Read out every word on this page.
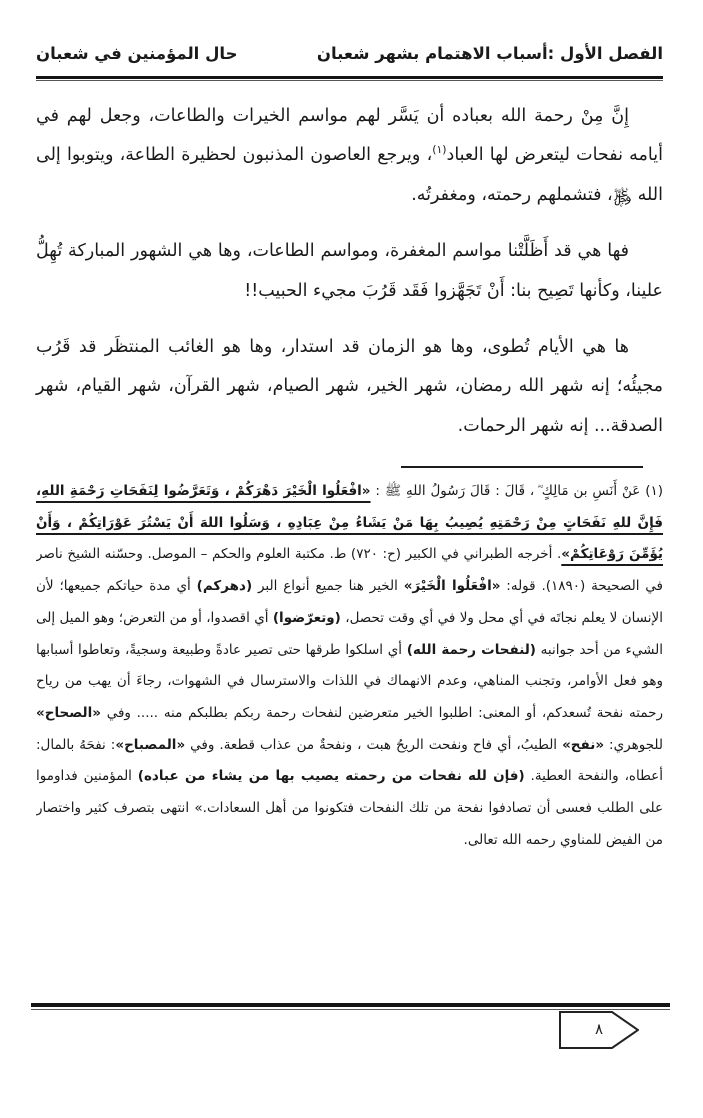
الفصل الأول :أسباب الاهتمام بشهر شعبان
حال المؤمنين في شعبان

إِنَّ مِنْ رحمة الله بعباده أن يَسَّر لهم مواسم الخيرات والطاعات، وجعل لهم في أيامه نفحات ليتعرض لها العباد$^{(١)}$، ويرجع العاصون المذنبون لحظيرة الطاعة، ويتوبوا إلى الله ﷿، فتشملهم رحمته، ومغفرتُه.

فها هي قد أَظَلَّتْنا مواسم المغفرة، ومواسم الطاعات، وها هي الشهور المباركة تُهِلُّ علينا، وكأنها تَصِيح بنا: أَنْ تَجَهَّزوا فَقَد قَرُبَ مجيء الحبيب!!

ها هي الأيام تُطوى، وها هو الزمان قد استدار، وها هو الغائب المنتظَر قد قَرُب مجيئُه؛ إنه شهر الله رمضان، شهر الخير، شهر الصيام، شهر القرآن، شهر القيام، شهر الصدقة... إنه شهر الرحمات.

(١) عَنْ أَنَسِ بن مَالِكٍ ؓ ، قَالَ : قَالَ رَسُولُ اللهِ ﷺ : «افْعَلُوا الْخَيْرَ دَهْرَكُمْ ، وَتَعَرَّضُوا لِنَفَحَاتِ رَحْمَةِ اللهِ، فَإِنَّ للهِ نَفَحَاتٍ مِنْ رَحْمَتِهِ يُصِيبُ بِهَا مَنْ يَشَاءُ مِنْ عِبَادِهِ ، وَسَلُوا اللهَ أَنْ يَسْتُرَ عَوْرَاتِكُمْ ، وَأَنْ يُؤَمِّنَ رَوْعَاتِكُمْ». أخرجه الطبراني في الكبير (ح: ٧٢٠) ط. مكتبة العلوم والحكم – الموصل. وحسّنه الشيخ ناصر في الصحيحة (١٨٩٠). قوله: «افْعَلُوا الْخَيْرَ» الخير هنا جميع أنواع البر (دهركم) أي مدة حياتكم جميعها؛ لأن الإنسان لا يعلم نجاتَه في أي محل ولا في أي وقت تحصل، (وتعرّضوا) أي اقصدوا، أو من التعرض؛ وهو الميل إلى الشيء من أحد جوانبه (لنفحات رحمة الله) أي اسلكوا طرقها حتى تصير عادةً وطبيعة وسجيةً، وتعاطوا أسبابها وهو فعل الأوامر، وتجنب المناهي، وعدم الانهماك في اللذات والاسترسال في الشهوات، رجاءَ أن يهب من رياح رحمته نفحة تُسعدكم، أو المعنى: اطلبوا الخير متعرضين لنفحات رحمة ربكم بطلبكم منه ..... وفي «الصحاح» للجوهري: «نفح» الطيبُ، أي فاح ونفحت الريحُ هبت ، ونفحةٌ من عذاب قطعة. وفي «المصباح»: نفحَهُ بالمال: أعطاه، والنفحة العطية. (فإن لله نفحات من رحمته يصيب بها من يشاء من عباده) المؤمنين فداوموا على الطلب فعسى أن تصادفوا نفحة من تلك النفحات فتكونوا من أهل السعادات.» انتهى بتصرف كثير واختصار من الفيض للمناوي رحمه الله تعالى.
٨
